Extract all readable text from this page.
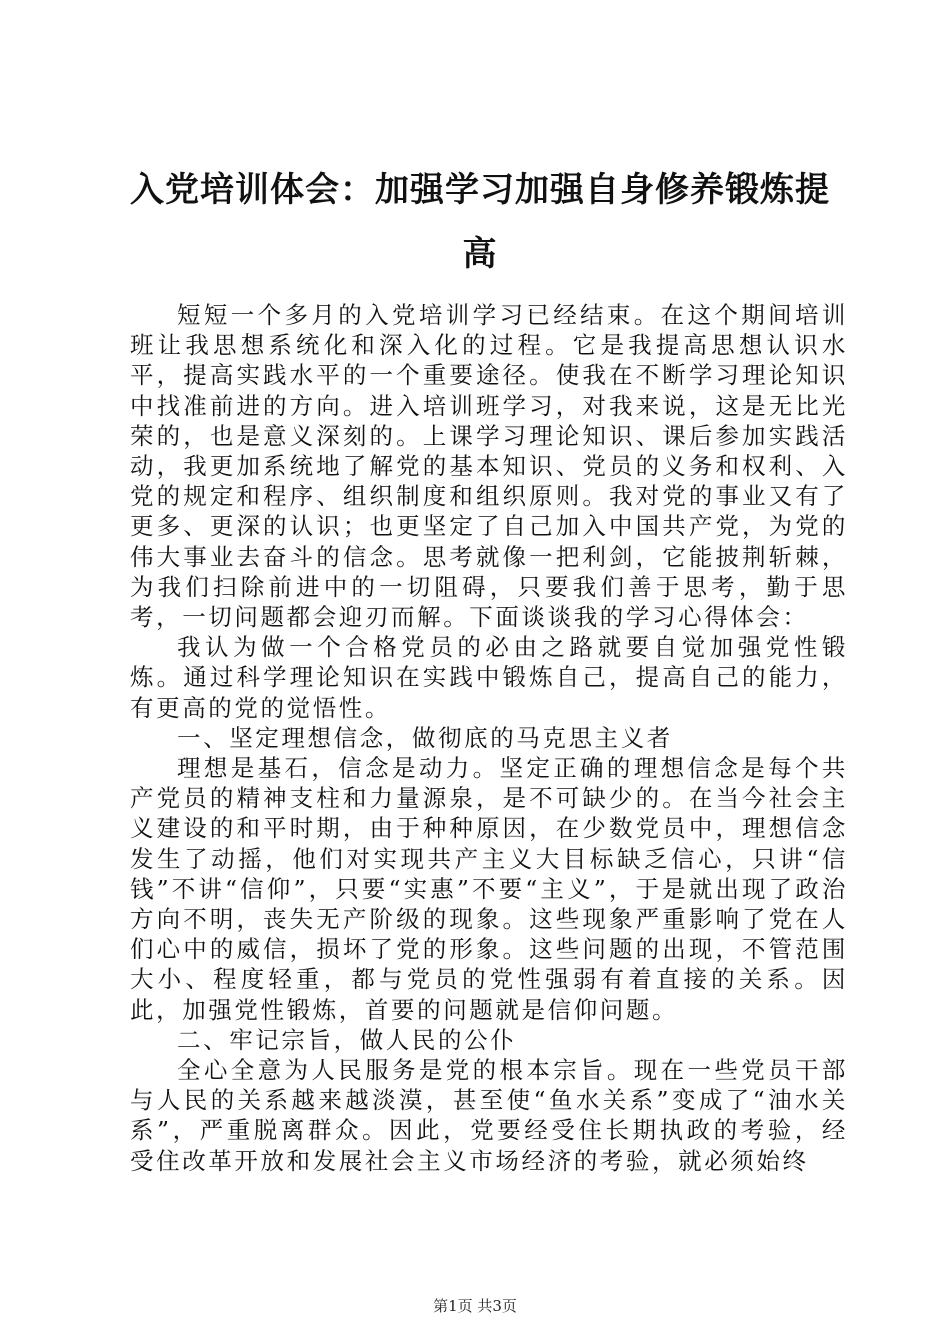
入党培训体会：加强学习加强自身修养锻炼提高

短短一个多月的入党培训学习已经结束。在这个期间培训班让我思想系统化和深入化的过程。它是我提高思想认识水平，提高实践水平的一个重要途径。使我在不断学习理论知识中找准前进的方向。进入培训班学习，对我来说，这是无比光荣的，也是意义深刻的。上课学习理论知识、课后参加实践活动，我更加系统地了解党的基本知识、党员的义务和权利、入党的规定和程序、组织制度和组织原则。我对党的事业又有了更多、更深的认识；也更坚定了自己加入中国共产党，为党的伟大事业去奋斗的信念。思考就像一把利剑，它能披荆斩棘，为我们扫除前进中的一切阻碍，只要我们善于思考，勤于思考，一切问题都会迎刃而解。下面谈谈我的学习心得体会：

我认为做一个合格党员的必由之路就要自觉加强党性锻炼。通过科学理论知识在实践中锻炼自己，提高自己的能力，有更高的党的觉悟性。

一、坚定理想信念，做彻底的马克思主义者

理想是基石，信念是动力。坚定正确的理想信念是每个共产党员的精神支柱和力量源泉，是不可缺少的。在当今社会主义建设的和平时期，由于种种原因，在少数党员中，理想信念发生了动摇，他们对实现共产主义大目标缺乏信心，只讲“信钱”不讲“信仰”，只要“实惠”不要“主义”，于是就出现了政治方向不明，丧失无产阶级的现象。这些现象严重影响了党在人们心中的威信，损坏了党的形象。这些问题的出现，不管范围大小、程度轻重，都与党员的党性强弱有着直接的关系。因此，加强党性锻炼，首要的问题就是信仰问题。

二、牢记宗旨，做人民的公仆

全心全意为人民服务是党的根本宗旨。现在一些党员干部与人民的关系越来越淡漠，甚至使“鱼水关系”变成了“油水关系”，严重脱离群众。因此，党要经受住长期执政的考验，经受住改革开放和发展社会主义市场经济的考验，就必须始终

第1页 共3页
